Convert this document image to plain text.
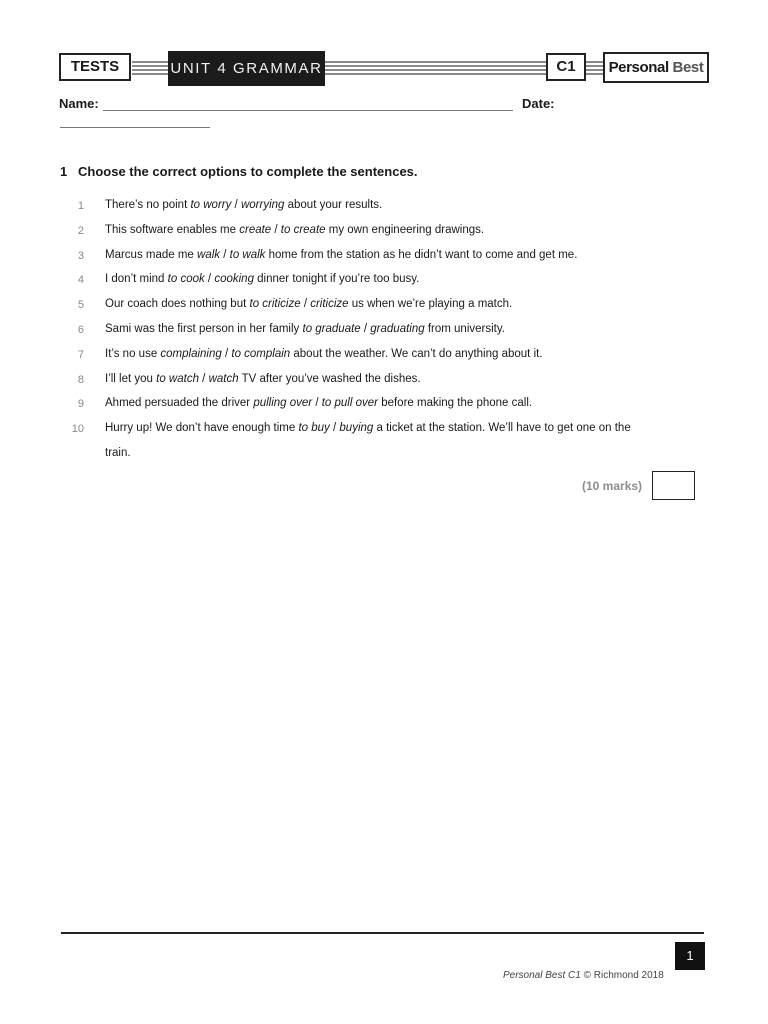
TESTS	UNIT 4 GRAMMAR	C1	Personal Best
Name:	Date:
1 Choose the correct options to complete the sentences.
1 There’s no point to worry / worrying about your results.
2 This software enables me create / to create my own engineering drawings.
3 Marcus made me walk / to walk home from the station as he didn’t want to come and get me.
4 I don’t mind to cook / cooking dinner tonight if you’re too busy.
5 Our coach does nothing but to criticize / criticize us when we’re playing a match.
6 Sami was the first person in her family to graduate / graduating from university.
7 It’s no use complaining / to complain about the weather. We can’t do anything about it.
8 I’ll let you to watch / watch TV after you’ve washed the dishes.
9 Ahmed persuaded the driver pulling over / to pull over before making the phone call.
10 Hurry up! We don’t have enough time to buy / buying a ticket at the station. We’ll have to get one on the
train.
(10 marks)
1
Personal Best C1 © Richmond 2018
